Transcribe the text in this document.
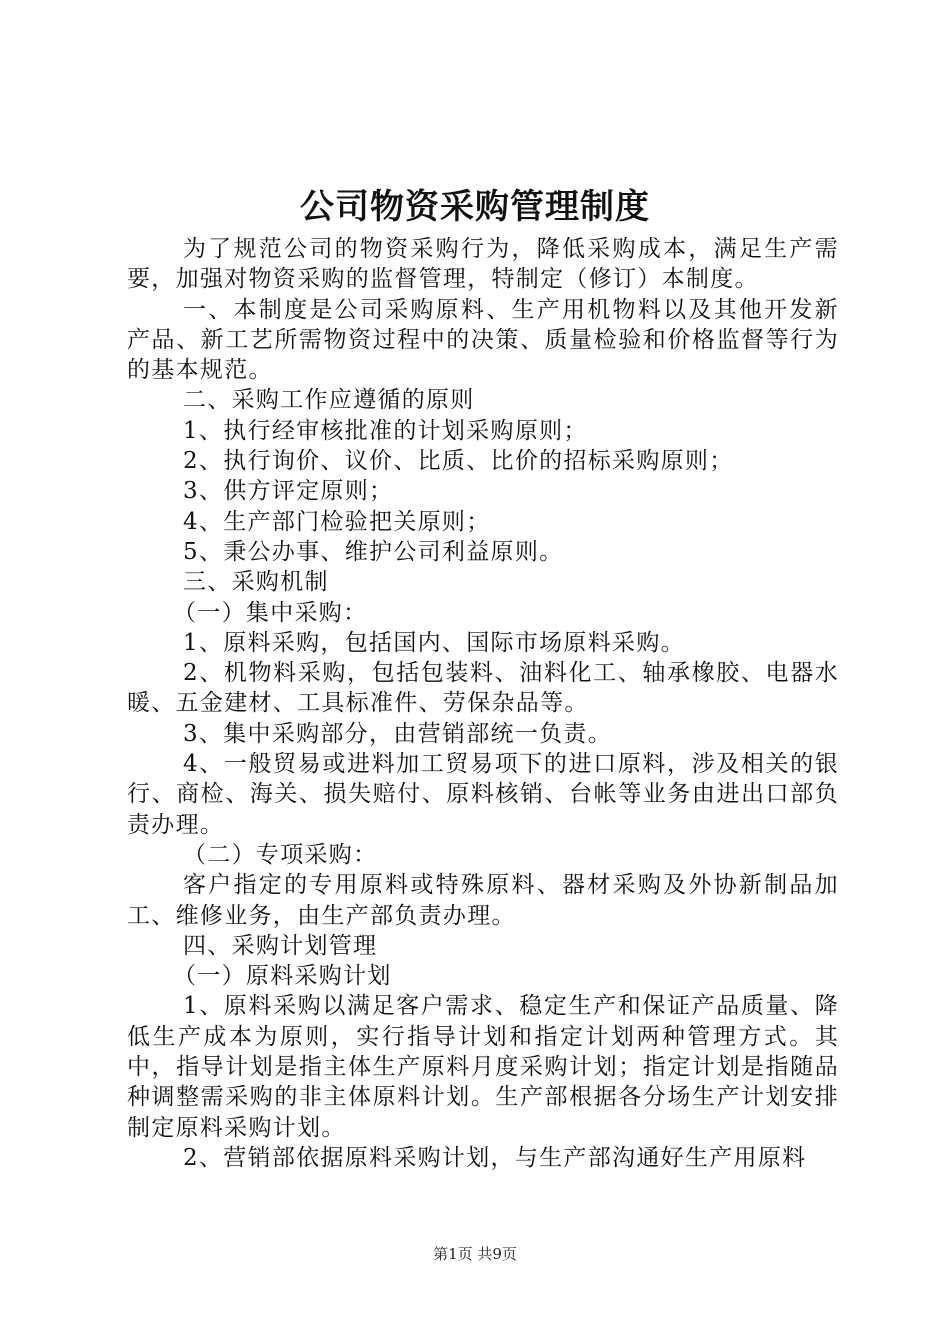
公司物资采购管理制度

为了规范公司的物资采购行为，降低采购成本，满足生产需要，加强对物资采购的监督管理，特制定（修订）本制度。

一、本制度是公司采购原料、生产用机物料以及其他开发新产品、新工艺所需物资过程中的决策、质量检验和价格监督等行为的基本规范。

二、采购工作应遵循的原则

1、执行经审核批准的计划采购原则；

2、执行询价、议价、比质、比价的招标采购原则；

3、供方评定原则；

4、生产部门检验把关原则；

5、秉公办事、维护公司利益原则。

三、采购机制

（一）集中采购：

1、原料采购，包括国内、国际市场原料采购。

2、机物料采购，包括包装料、油料化工、轴承橡胶、电器水暖、五金建材、工具标准件、劳保杂品等。

3、集中采购部分，由营销部统一负责。

4、一般贸易或进料加工贸易项下的进口原料，涉及相关的银行、商检、海关、损失赔付、原料核销、台帐等业务由进出口部负责办理。

（二）专项采购：

客户指定的专用原料或特殊原料、器材采购及外协新制品加工、维修业务，由生产部负责办理。

四、采购计划管理

（一）原料采购计划

1、原料采购以满足客户需求、稳定生产和保证产品质量、降低生产成本为原则，实行指导计划和指定计划两种管理方式。其中，指导计划是指主体生产原料月度采购计划；指定计划是指随品种调整需采购的非主体原料计划。生产部根据各分场生产计划安排制定原料采购计划。

2、营销部依据原料采购计划，与生产部沟通好生产用原料

第1页 共9页
